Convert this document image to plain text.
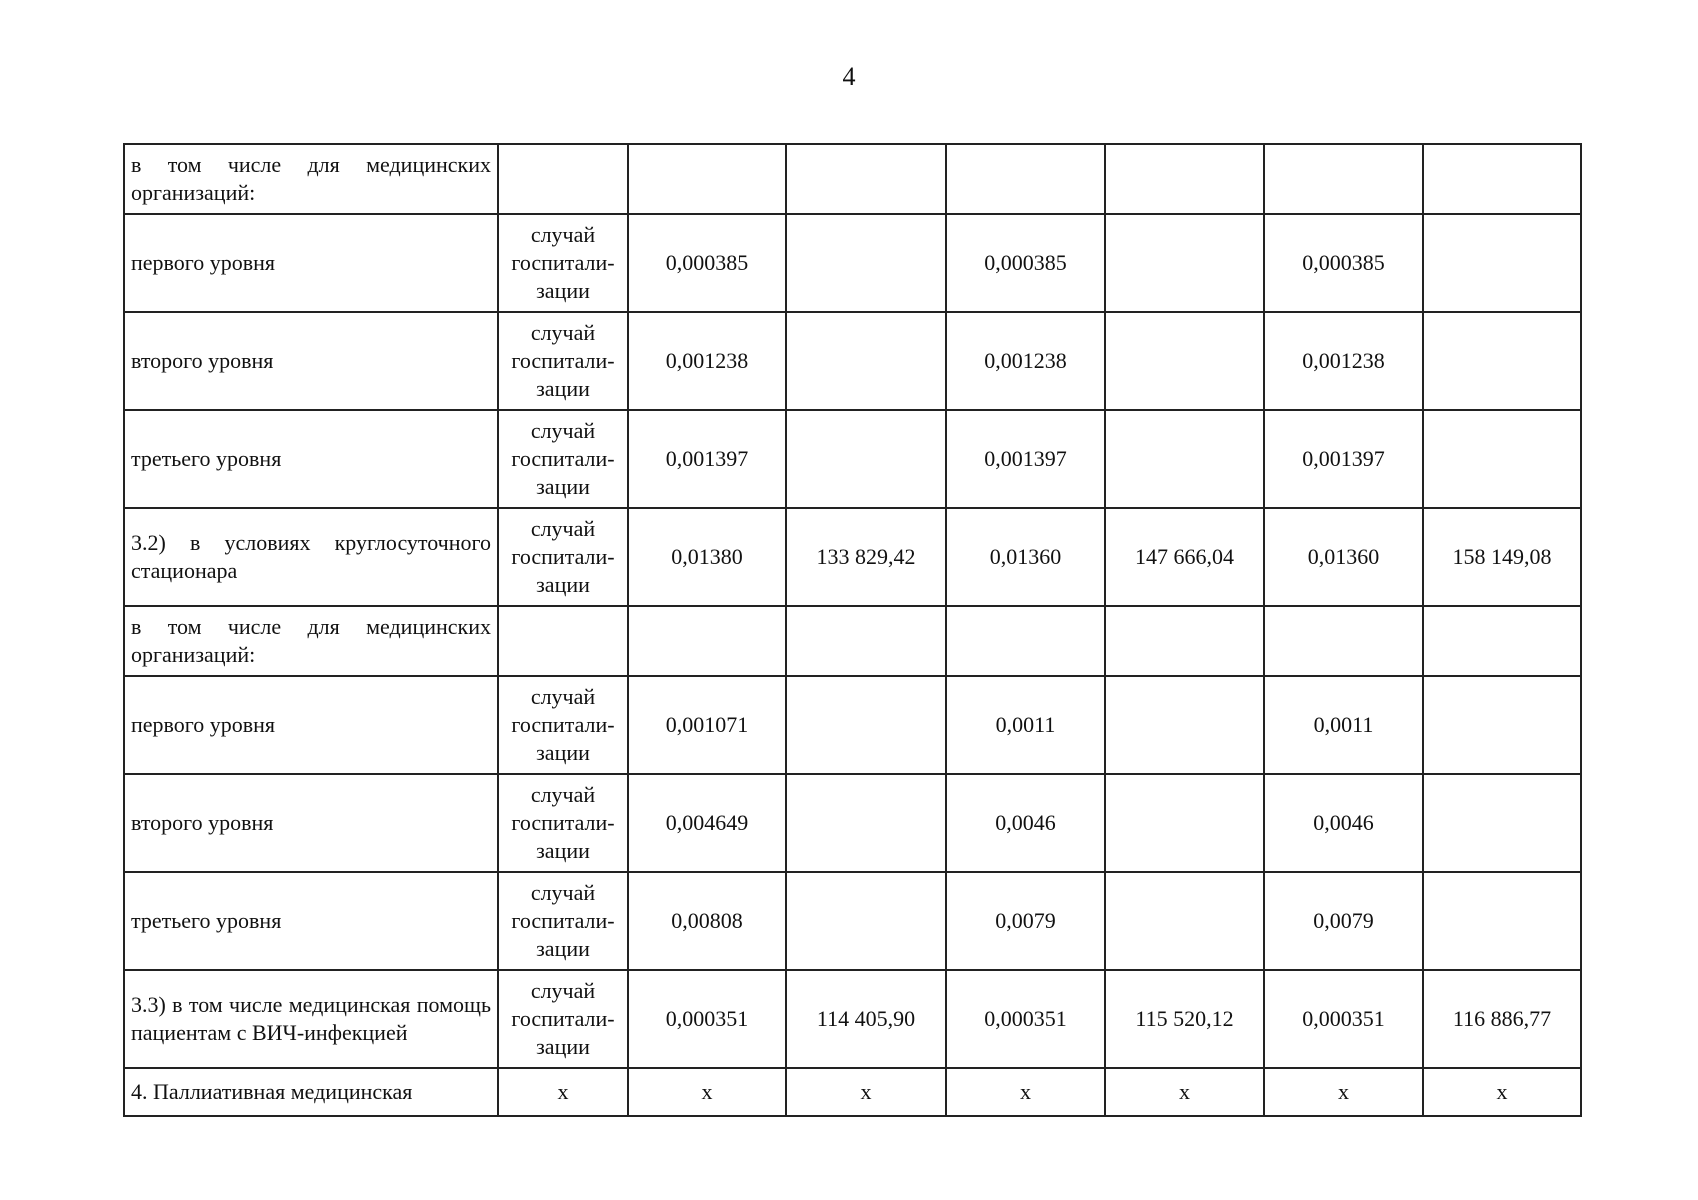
4
в том числе для медицинских организаций:							
первого уровня	случай
госпитали-
зации	0,000385		0,000385		0,000385	
второго уровня	случай
госпитали-
зации	0,001238		0,001238		0,001238	
третьего уровня	случай
госпитали-
зации	0,001397		0,001397		0,001397	
3.2) в условиях круглосуточного стационара	случай
госпитали-
зации	0,01380	133 829,42	0,01360	147 666,04	0,01360	158 149,08
в том числе для медицинских организаций:							
первого уровня	случай
госпитали-
зации	0,001071		0,0011		0,0011	
второго уровня	случай
госпитали-
зации	0,004649		0,0046		0,0046	
третьего уровня	случай
госпитали-
зации	0,00808		0,0079		0,0079	
3.3) в том числе медицинская помощь пациентам с ВИЧ-инфекцией	случай
госпитали-
зации	0,000351	114 405,90	0,000351	115 520,12	0,000351	116 886,77
4. Паллиативная медицинская	х	х	х	х	х	х	х
